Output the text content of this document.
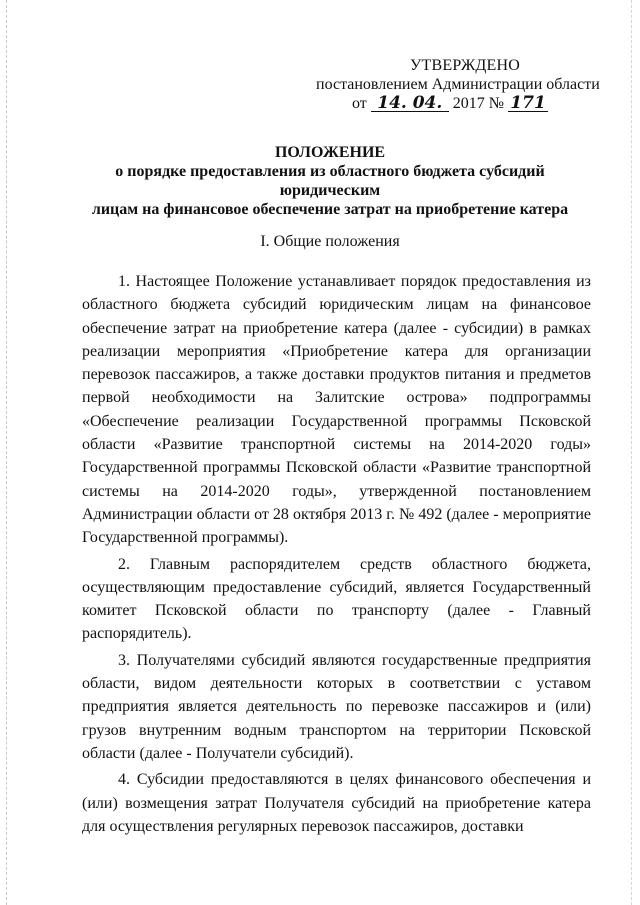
УТВЕРЖДЕНО
постановлением Администрации области
от 14. 04. 2017 № 171
ПОЛОЖЕНИЕ
о порядке предоставления из областного бюджета субсидий юридическим
лицам на финансовое обеспечение затрат на приобретение катера
I. Общие положения

1. Настоящее Положение устанавливает порядок предоставления из областного бюджета субсидий юридическим лицам на финансовое обеспечение затрат на приобретение катера (далее - субсидии) в рамках реализации мероприятия «Приобретение катера для организации перевозок пассажиров, а также доставки продуктов питания и предметов первой необходимости на Залитские острова» подпрограммы «Обеспечение реализации Государственной программы Псковской области «Развитие транспортной системы на 2014-2020 годы» Государственной программы Псковской области «Развитие транспортной системы на 2014-2020 годы», утвержденной постановлением Администрации области от 28 октября 2013 г. № 492 (далее - мероприятие Государственной программы).

2. Главным распорядителем средств областного бюджета, осуществляющим предоставление субсидий, является Государственный комитет Псковской области по транспорту (далее - Главный распорядитель).

3. Получателями субсидий являются государственные предприятия области, видом деятельности которых в соответствии с уставом предприятия является деятельность по перевозке пассажиров и (или) грузов внутренним водным транспортом на территории Псковской области (далее - Получатели субсидий).

4. Субсидии предоставляются в целях финансового обеспечения и (или) возмещения затрат Получателя субсидий на приобретение катера для осуществления регулярных перевозок пассажиров, доставки
